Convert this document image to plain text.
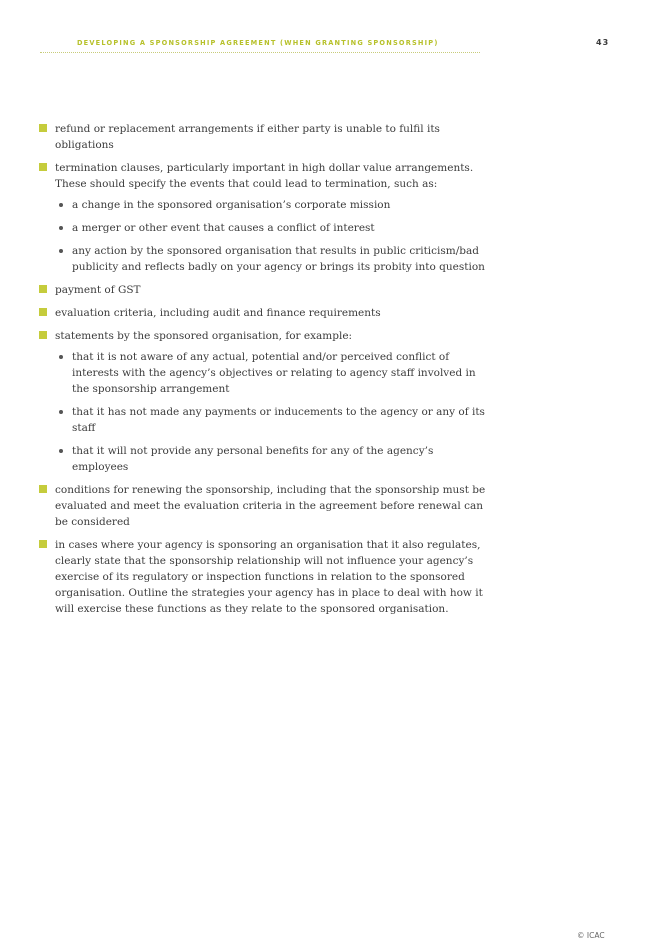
DEVELOPING A SPONSORSHIP AGREEMENT (WHEN GRANTING SPONSORSHIP)	43
refund or replacement arrangements if either party is unable to fulfil its obligations
termination clauses, particularly important in high dollar value arrangements. These should specify the events that could lead to termination, such as:
a change in the sponsored organisation’s corporate mission
a merger or other event that causes a conflict of interest
any action by the sponsored organisation that results in public criticism/bad publicity and reflects badly on your agency or brings its probity into question
payment of GST
evaluation criteria, including audit and finance requirements
statements by the sponsored organisation, for example:
that it is not aware of any actual, potential and/or perceived conflict of interests with the agency’s objectives or relating to agency staff involved in the sponsorship arrangement
that it has not made any payments or inducements to the agency or any of its staff
that it will not provide any personal benefits for any of the agency’s employees
conditions for renewing the sponsorship, including that the sponsorship must be evaluated and meet the evaluation criteria in the agreement before renewal can be considered
in cases where your agency is sponsoring an organisation that it also regulates, clearly state that the sponsorship relationship will not influence your agency’s exercise of its regulatory or inspection functions in relation to the sponsored organisation. Outline the strategies your agency has in place to deal with how it will exercise these functions as they relate to the sponsored organisation.
© ICAC
